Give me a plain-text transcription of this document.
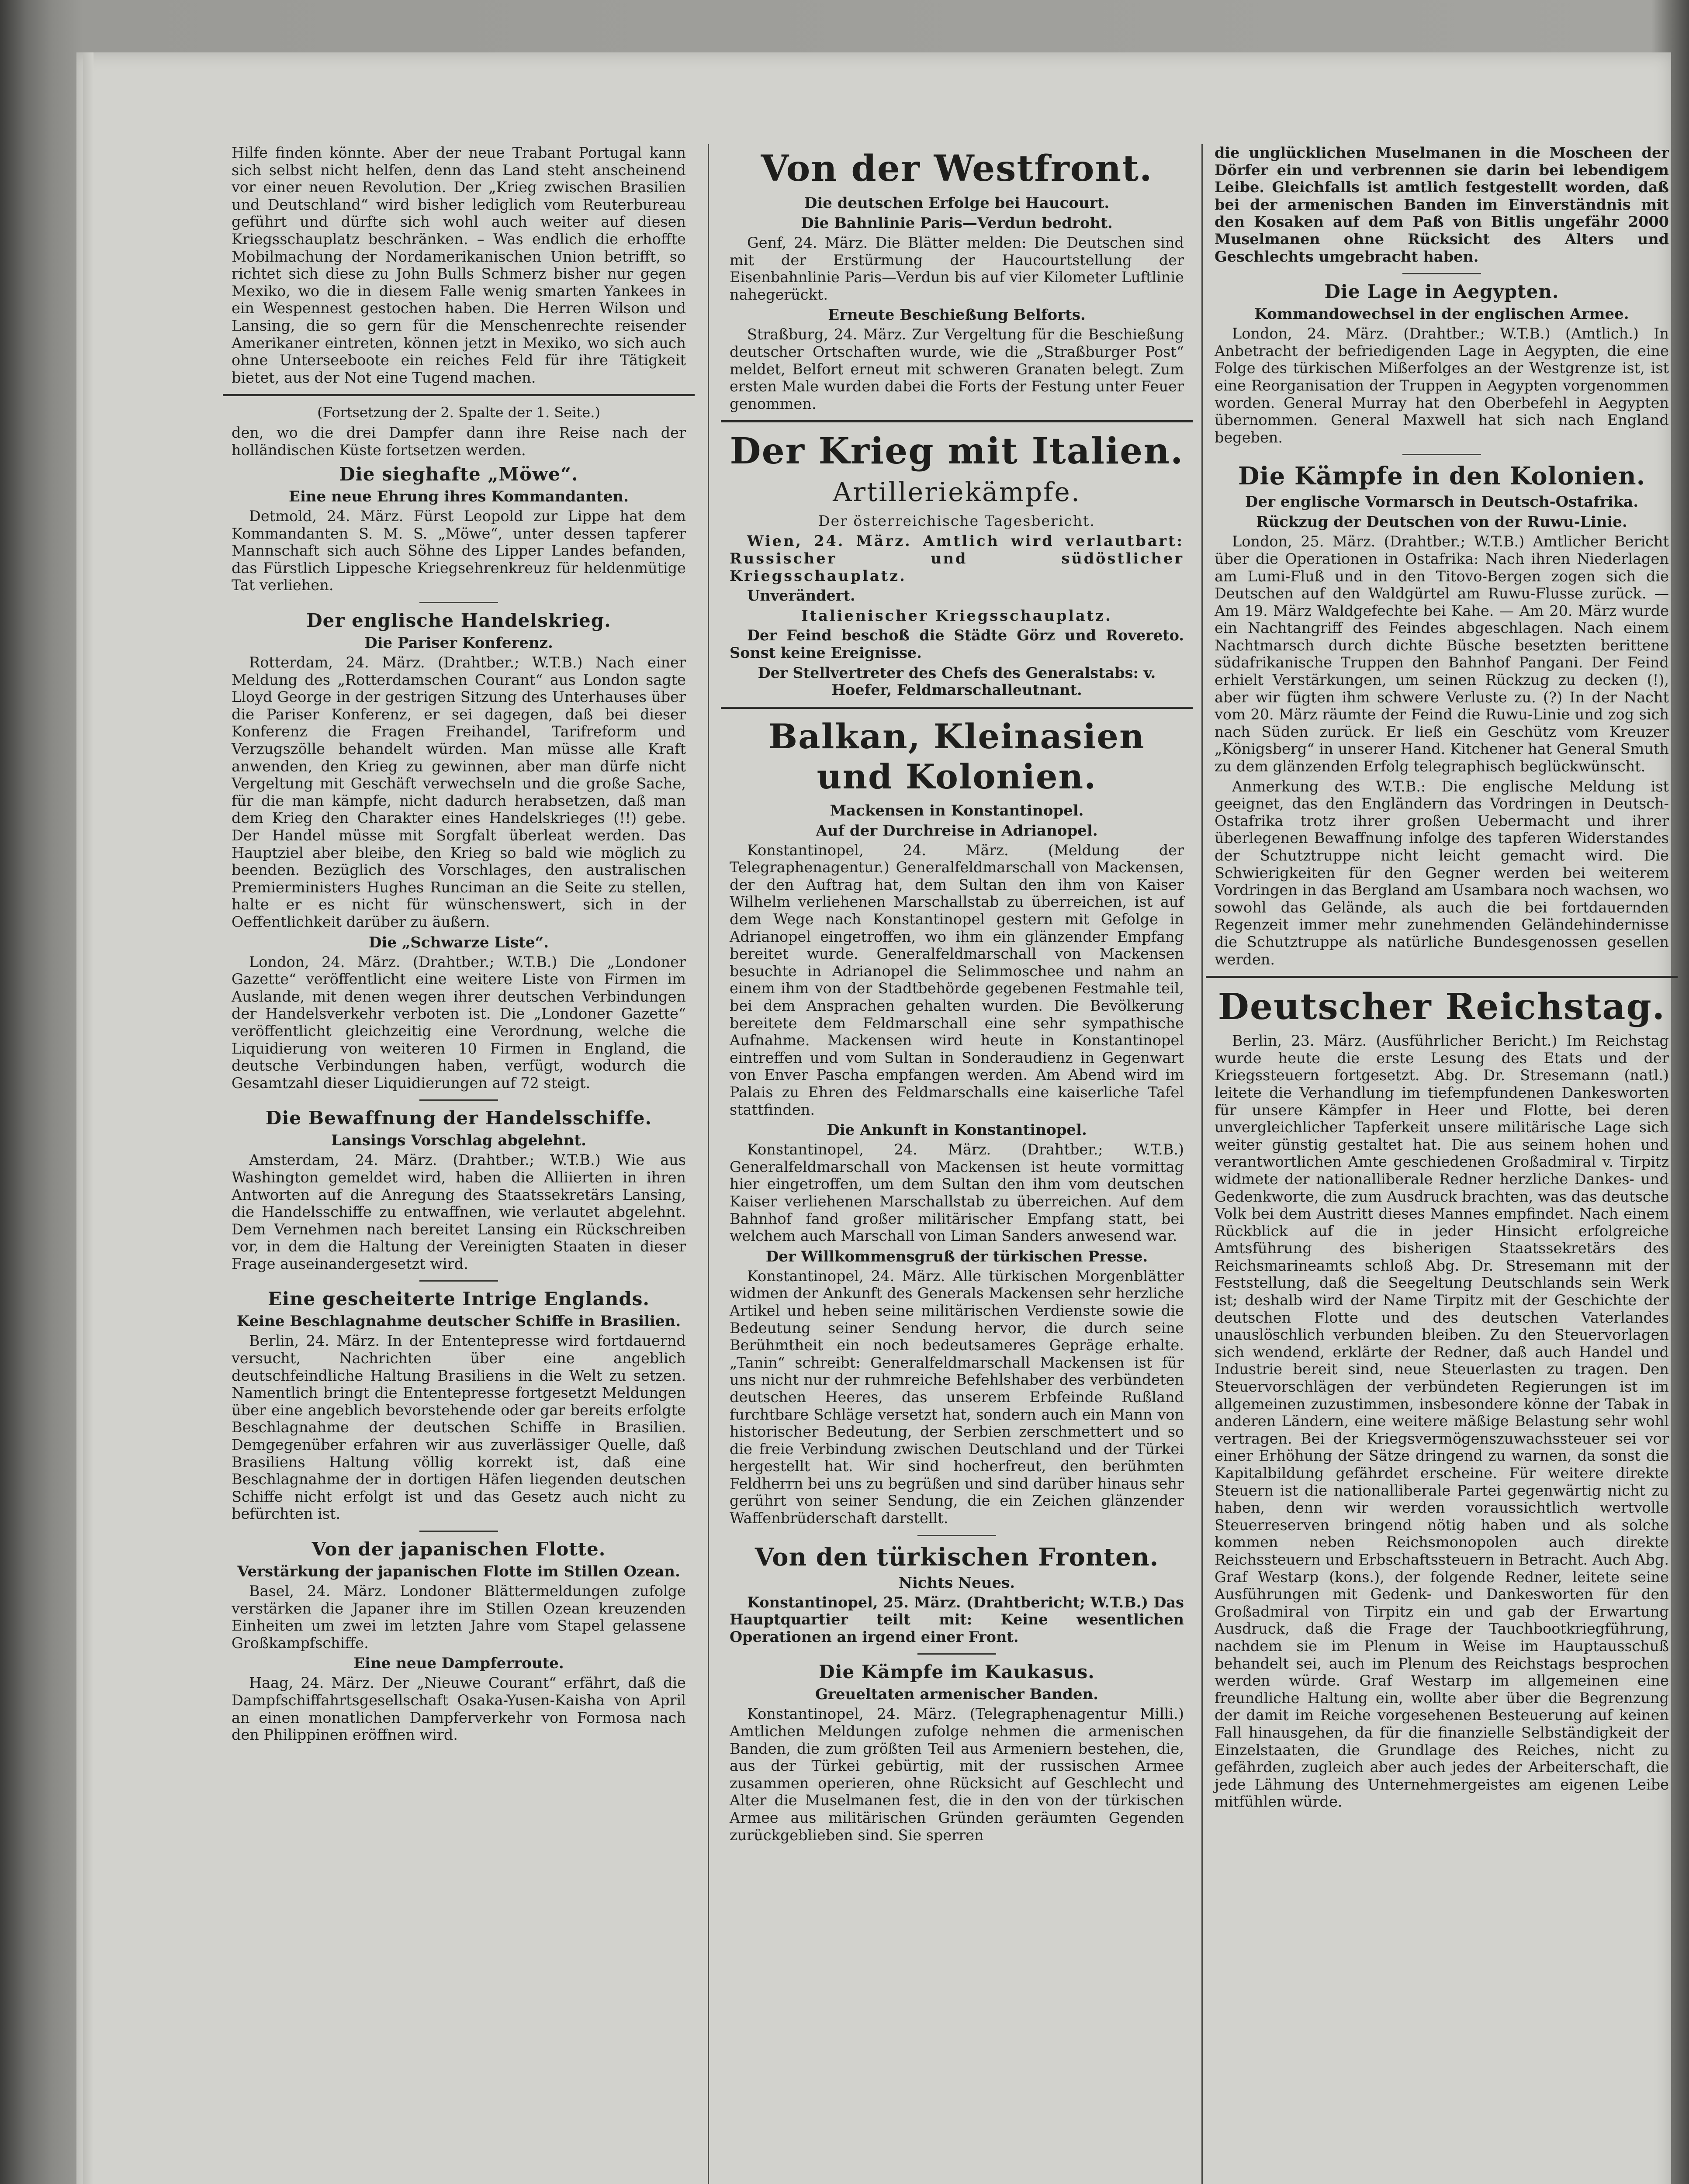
Hilfe finden könnte. Aber der neue Trabant Portugal kann sich selbst nicht helfen, denn das Land steht anscheinend vor einer neuen Revolution. Der „Krieg zwischen Brasilien und Deutschland“ wird bisher lediglich vom Reuterbureau geführt und dürfte sich wohl auch weiter auf diesen Kriegsschauplatz beschränken. – Was endlich die erhoffte Mobilmachung der Nordamerikanischen Union betrifft, so richtet sich diese zu John Bulls Schmerz bisher nur gegen Mexiko, wo die in diesem Falle wenig smarten Yankees in ein Wespennest gestochen haben. Die Herren Wilson und Lansing, die so gern für die Menschenrechte reisender Amerikaner eintreten, können jetzt in Mexiko, wo sich auch ohne Unterseeboote ein reiches Feld für ihre Tätigkeit bietet, aus der Not eine Tugend machen.

(Fortsetzung der 2. Spalte der 1. Seite.)

den, wo die drei Dampfer dann ihre Reise nach der holländischen Küste fortsetzen werden.

Die sieghafte „Möwe“.
Eine neue Ehrung ihres Kommandanten.

Detmold, 24. März. Fürst Leopold zur Lippe hat dem Kommandanten S. M. S. „Möwe“, unter dessen tapferer Mannschaft sich auch Söhne des Lipper Landes befanden, das Fürstlich Lippesche Kriegsehrenkreuz für heldenmütige Tat verliehen.

Der englische Handelskrieg.
Die Pariser Konferenz.

Rotterdam, 24. März. (Drahtber.; W.T.B.) Nach einer Meldung des „Rotterdamschen Courant“ aus London sagte Lloyd George in der gestrigen Sitzung des Unterhauses über die Pariser Konferenz, er sei dagegen, daß bei dieser Konferenz die Fragen Freihandel, Tarifreform und Verzugszölle behandelt würden. Man müsse alle Kraft anwenden, den Krieg zu gewinnen, aber man dürfe nicht Vergeltung mit Geschäft verwechseln und die große Sache, für die man kämpfe, nicht dadurch herabsetzen, daß man dem Krieg den Charakter eines Handelskrieges (!!) gebe. Der Handel müsse mit Sorgfalt überleat werden. Das Hauptziel aber bleibe, den Krieg so bald wie möglich zu beenden. Bezüglich des Vorschlages, den australischen Premierministers Hughes Runciman an die Seite zu stellen, halte er es nicht für wünschenswert, sich in der Oeffentlichkeit darüber zu äußern.

Die „Schwarze Liste“.

London, 24. März. (Drahtber.; W.T.B.) Die „Londoner Gazette“ veröffentlicht eine weitere Liste von Firmen im Auslande, mit denen wegen ihrer deutschen Verbindungen der Handelsverkehr verboten ist. Die „Londoner Gazette“ veröffentlicht gleichzeitig eine Verordnung, welche die Liquidierung von weiteren 10 Firmen in England, die deutsche Verbindungen haben, verfügt, wodurch die Gesamtzahl dieser Liquidierungen auf 72 steigt.

Die Bewaffnung der Handelsschiffe.
Lansings Vorschlag abgelehnt.

Amsterdam, 24. März. (Drahtber.; W.T.B.) Wie aus Washington gemeldet wird, haben die Alliierten in ihren Antworten auf die Anregung des Staatssekretärs Lansing, die Handelsschiffe zu entwaffnen, wie verlautet abgelehnt. Dem Vernehmen nach bereitet Lansing ein Rückschreiben vor, in dem die Haltung der Vereinigten Staaten in dieser Frage auseinandergesetzt wird.

Eine gescheiterte Intrige Englands.
Keine Beschlagnahme deutscher Schiffe in Brasilien.

Berlin, 24. März. In der Ententepresse wird fortdauernd versucht, Nachrichten über eine angeblich deutschfeindliche Haltung Brasiliens in die Welt zu setzen. Namentlich bringt die Ententepresse fortgesetzt Meldungen über eine angeblich bevorstehende oder gar bereits erfolgte Beschlagnahme der deutschen Schiffe in Brasilien. Demgegenüber erfahren wir aus zuverlässiger Quelle, daß Brasiliens Haltung völlig korrekt ist, daß eine Beschlagnahme der in dortigen Häfen liegenden deutschen Schiffe nicht erfolgt ist und das Gesetz auch nicht zu befürchten ist.

Von der japanischen Flotte.
Verstärkung der japanischen Flotte im Stillen Ozean.

Basel, 24. März. Londoner Blättermeldungen zufolge verstärken die Japaner ihre im Stillen Ozean kreuzenden Einheiten um zwei im letzten Jahre vom Stapel gelassene Großkampfschiffe.

Eine neue Dampferroute.

Haag, 24. März. Der „Nieuwe Courant“ erfährt, daß die Dampfschiffahrtsgesellschaft Osaka-Yusen-Kaisha von April an einen monatlichen Dampferverkehr von Formosa nach den Philippinen eröffnen wird.

Von der Westfront.
Die deutschen Erfolge bei Haucourt.
Die Bahnlinie Paris—Verdun bedroht.

Genf, 24. März. Die Blätter melden: Die Deutschen sind mit der Erstürmung der Haucourtstellung der Eisenbahnlinie Paris—Verdun bis auf vier Kilometer Luftlinie nahegerückt.

Erneute Beschießung Belforts.

Straßburg, 24. März. Zur Vergeltung für die Beschießung deutscher Ortschaften wurde, wie die „Straßburger Post“ meldet, Belfort erneut mit schweren Granaten belegt. Zum ersten Male wurden dabei die Forts der Festung unter Feuer genommen.

Der Krieg mit Italien.
Artilleriekämpfe.
Der österreichische Tagesbericht.

Wien, 24. März. Amtlich wird verlautbart: Russischer und südöstlicher Kriegsschauplatz.

Unverändert.

Italienischer Kriegsschauplatz.

Der Feind beschoß die Städte Görz und Rovereto. Sonst keine Ereignisse.

Der Stellvertreter des Chefs des Generalstabs: v. Hoefer, Feldmarschalleutnant.

Balkan, Kleinasien und Kolonien.
Mackensen in Konstantinopel.
Auf der Durchreise in Adrianopel.

Konstantinopel, 24. März. (Meldung der Telegraphenagentur.) Generalfeldmarschall von Mackensen, der den Auftrag hat, dem Sultan den ihm von Kaiser Wilhelm verliehenen Marschallstab zu überreichen, ist auf dem Wege nach Konstantinopel gestern mit Gefolge in Adrianopel eingetroffen, wo ihm ein glänzender Empfang bereitet wurde. Generalfeldmarschall von Mackensen besuchte in Adrianopel die Selimmoschee und nahm an einem ihm von der Stadtbehörde gegebenen Festmahle teil, bei dem Ansprachen gehalten wurden. Die Bevölkerung bereitete dem Feldmarschall eine sehr sympathische Aufnahme. Mackensen wird heute in Konstantinopel eintreffen und vom Sultan in Sonderaudienz in Gegenwart von Enver Pascha empfangen werden. Am Abend wird im Palais zu Ehren des Feldmarschalls eine kaiserliche Tafel stattfinden.

Die Ankunft in Konstantinopel.

Konstantinopel, 24. März. (Drahtber.; W.T.B.) Generalfeldmarschall von Mackensen ist heute vormittag hier eingetroffen, um dem Sultan den ihm vom deutschen Kaiser verliehenen Marschallstab zu überreichen. Auf dem Bahnhof fand großer militärischer Empfang statt, bei welchem auch Marschall von Liman Sanders anwesend war.

Der Willkommensgruß der türkischen Presse.

Konstantinopel, 24. März. Alle türkischen Morgenblätter widmen der Ankunft des Generals Mackensen sehr herzliche Artikel und heben seine militärischen Verdienste sowie die Bedeutung seiner Sendung hervor, die durch seine Berühmtheit ein noch bedeutsameres Gepräge erhalte. „Tanin“ schreibt: Generalfeldmarschall Mackensen ist für uns nicht nur der ruhmreiche Befehlshaber des verbündeten deutschen Heeres, das unserem Erbfeinde Rußland furchtbare Schläge versetzt hat, sondern auch ein Mann von historischer Bedeutung, der Serbien zerschmettert und so die freie Verbindung zwischen Deutschland und der Türkei hergestellt hat. Wir sind hocherfreut, den berühmten Feldherrn bei uns zu begrüßen und sind darüber hinaus sehr gerührt von seiner Sendung, die ein Zeichen glänzender Waffenbrüderschaft darstellt.

Von den türkischen Fronten.
Nichts Neues.

Konstantinopel, 25. März. (Drahtbericht; W.T.B.) Das Hauptquartier teilt mit: Keine wesentlichen Operationen an irgend einer Front.

Die Kämpfe im Kaukasus.
Greueltaten armenischer Banden.

Konstantinopel, 24. März. (Telegraphenagentur Milli.) Amtlichen Meldungen zufolge nehmen die armenischen Banden, die zum größten Teil aus Armeniern bestehen, die, aus der Türkei gebürtig, mit der russischen Armee zusammen operieren, ohne Rücksicht auf Geschlecht und Alter die Muselmanen fest, die in den von der türkischen Armee aus militärischen Gründen geräumten Gegenden zurückgeblieben sind. Sie sperren

die unglücklichen Muselmanen in die Moscheen der Dörfer ein und verbrennen sie darin bei lebendigem Leibe. Gleichfalls ist amtlich festgestellt worden, daß bei der armenischen Banden im Einverständnis mit den Kosaken auf dem Paß von Bitlis ungefähr 2000 Muselmanen ohne Rücksicht des Alters und Geschlechts umgebracht haben.

Die Lage in Aegypten.
Kommandowechsel in der englischen Armee.

London, 24. März. (Drahtber.; W.T.B.) (Amtlich.) In Anbetracht der befriedigenden Lage in Aegypten, die eine Folge des türkischen Mißerfolges an der Westgrenze ist, ist eine Reorganisation der Truppen in Aegypten vorgenommen worden. General Murray hat den Oberbefehl in Aegypten übernommen. General Maxwell hat sich nach England begeben.

Die Kämpfe in den Kolonien.
Der englische Vormarsch in Deutsch-Ostafrika.
Rückzug der Deutschen von der Ruwu-Linie.

London, 25. März. (Drahtber.; W.T.B.) Amtlicher Bericht über die Operationen in Ostafrika: Nach ihren Niederlagen am Lumi-Fluß und in den Titovo-Bergen zogen sich die Deutschen auf den Waldgürtel am Ruwu-Flusse zurück. — Am 19. März Waldgefechte bei Kahe. — Am 20. März wurde ein Nachtangriff des Feindes abgeschlagen. Nach einem Nachtmarsch durch dichte Büsche besetzten berittene südafrikanische Truppen den Bahnhof Pangani. Der Feind erhielt Verstärkungen, um seinen Rückzug zu decken (!), aber wir fügten ihm schwere Verluste zu. (?) In der Nacht vom 20. März räumte der Feind die Ruwu-Linie und zog sich nach Süden zurück. Er ließ ein Geschütz vom Kreuzer „Königsberg“ in unserer Hand. Kitchener hat General Smuth zu dem glänzenden Erfolg telegraphisch beglückwünscht.

Anmerkung des W.T.B.: Die englische Meldung ist geeignet, das den Engländern das Vordringen in Deutsch-Ostafrika trotz ihrer großen Uebermacht und ihrer überlegenen Bewaffnung infolge des tapferen Widerstandes der Schutztruppe nicht leicht gemacht wird. Die Schwierigkeiten für den Gegner werden bei weiterem Vordringen in das Bergland am Usambara noch wachsen, wo sowohl das Gelände, als auch die bei fortdauernden Regenzeit immer mehr zunehmenden Geländehindernisse die Schutztruppe als natürliche Bundesgenossen gesellen werden.

Deutscher Reichstag.

Berlin, 23. März. (Ausführlicher Bericht.) Im Reichstag wurde heute die erste Lesung des Etats und der Kriegssteuern fortgesetzt. Abg. Dr. Stresemann (natl.) leitete die Verhandlung im tiefempfundenen Dankesworten für unsere Kämpfer in Heer und Flotte, bei deren unvergleichlicher Tapferkeit unsere militärische Lage sich weiter günstig gestaltet hat. Die aus seinem hohen und verantwortlichen Amte geschiedenen Großadmiral v. Tirpitz widmete der nationalliberale Redner herzliche Dankes- und Gedenkworte, die zum Ausdruck brachten, was das deutsche Volk bei dem Austritt dieses Mannes empfindet. Nach einem Rückblick auf die in jeder Hinsicht erfolgreiche Amtsführung des bisherigen Staatssekretärs des Reichsmarineamts schloß Abg. Dr. Stresemann mit der Feststellung, daß die Seegeltung Deutschlands sein Werk ist; deshalb wird der Name Tirpitz mit der Geschichte der deutschen Flotte und des deutschen Vaterlandes unauslöschlich verbunden bleiben. Zu den Steuervorlagen sich wendend, erklärte der Redner, daß auch Handel und Industrie bereit sind, neue Steuerlasten zu tragen. Den Steuervorschlägen der verbündeten Regierungen ist im allgemeinen zuzustimmen, insbesondere könne der Tabak in anderen Ländern, eine weitere mäßige Belastung sehr wohl vertragen. Bei der Kriegsvermögenszuwachssteuer sei vor einer Erhöhung der Sätze dringend zu warnen, da sonst die Kapitalbildung gefährdet erscheine. Für weitere direkte Steuern ist die nationalliberale Partei gegenwärtig nicht zu haben, denn wir werden voraussichtlich wertvolle Steuerreserven bringend nötig haben und als solche kommen neben Reichsmonopolen auch direkte Reichssteuern und Erbschaftssteuern in Betracht. Auch Abg. Graf Westarp (kons.), der folgende Redner, leitete seine Ausführungen mit Gedenk- und Dankesworten für den Großadmiral von Tirpitz ein und gab der Erwartung Ausdruck, daß die Frage der Tauchbootkriegführung, nachdem sie im Plenum in Weise im Hauptausschuß behandelt sei, auch im Plenum des Reichstags besprochen werden würde. Graf Westarp im allgemeinen eine freundliche Haltung ein, wollte aber über die Begrenzung der damit im Reiche vorgesehenen Besteuerung auf keinen Fall hinausgehen, da für die finanzielle Selbständigkeit der Einzelstaaten, die Grundlage des Reiches, nicht zu gefährden, zugleich aber auch jedes der Arbeiterschaft, die jede Lähmung des Unternehmergeistes am eigenen Leibe mitfühlen würde.
